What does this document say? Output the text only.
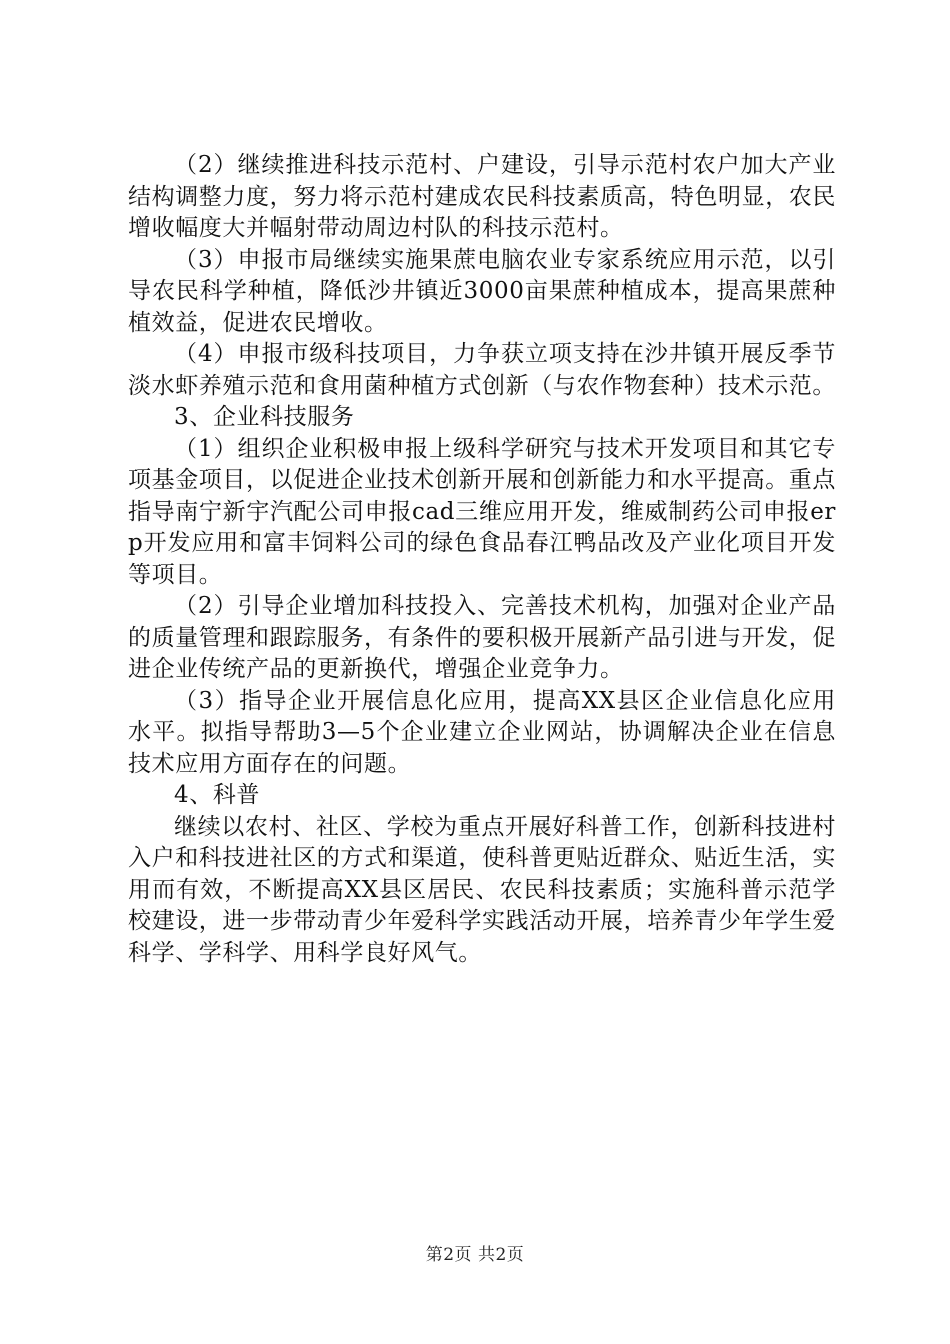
（2）继续推进科技示范村、户建设，引导示范村农户加大产业结构调整力度，努力将示范村建成农民科技素质高，特色明显，农民增收幅度大并幅射带动周边村队的科技示范村。

（3）申报市局继续实施果蔗电脑农业专家系统应用示范，以引导农民科学种植，降低沙井镇近3000亩果蔗种植成本，提高果蔗种植效益，促进农民增收。

（4）申报市级科技项目，力争获立项支持在沙井镇开展反季节淡水虾养殖示范和食用菌种植方式创新（与农作物套种）技术示范。

3、企业科技服务

（1）组织企业积极申报上级科学研究与技术开发项目和其它专项基金项目，以促进企业技术创新开展和创新能力和水平提高。重点指导南宁新宇汽配公司申报cad三维应用开发，维威制药公司申报erp开发应用和富丰饲料公司的绿色食品春江鸭品改及产业化项目开发等项目。

（2）引导企业增加科技投入、完善技术机构，加强对企业产品的质量管理和跟踪服务，有条件的要积极开展新产品引进与开发，促进企业传统产品的更新换代，增强企业竞争力。

（3）指导企业开展信息化应用，提高XX县区企业信息化应用水平。拟指导帮助3—5个企业建立企业网站，协调解决企业在信息技术应用方面存在的问题。

4、科普

继续以农村、社区、学校为重点开展好科普工作，创新科技进村入户和科技进社区的方式和渠道，使科普更贴近群众、贴近生活，实用而有效，不断提高XX县区居民、农民科技素质；实施科普示范学校建设，进一步带动青少年爱科学实践活动开展，培养青少年学生爱科学、学科学、用科学良好风气。

第2页 共2页
